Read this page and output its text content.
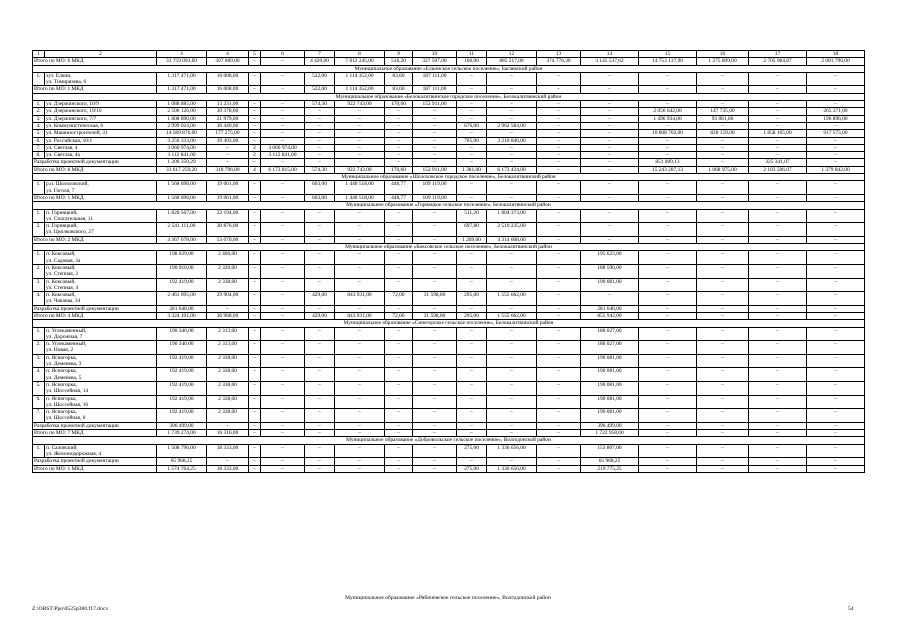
1	2	3	4	5	6	7	8	9	10	11	12	13	14	15	16	17	18
Итого по МО: 6 МКД		33 759 093,69	397 089,00	–	–	4 420,00	7 812 245,00	516,20	327 507,00	160,00	885 217,00	374 776,30	3 145 537,62	14 753 137,90	1 275 809,00	2 705 984,87	2 081 790,00
Муниципальное образование «Елкинское сельское поселение», Багаевский район																	
1.	хут. Елкин,
ул. Тимирязева, 6	1 317 471,00	16 008,00	–	–	522,00	1 114 352,00	83,60	187 111,00	–	–	–	–	–	–	–	–
Итого по МО: 1 МКД		1 317 471,00	16 008,00	–	–	522,00	1 114 352,00	83,60	187 111,00	–	–	–	–	–	–	–	–
Муниципальное образование «Белокалитвинское городское поселение», Белокалитвинский район																	
1.	ул. Дзержинского, 10/9	1 088 885,00	13 231,00	–	–	574,30	922 743,00	170,60	152 911,00	–	–	–	–	–	–	–	–
2.	ул. Дзержинского, 19/10	2 500 126,00	30 378,00	–	–	–	–	–	–	–	–	–	–	2 056 642,00	147 735,00	–	265 371,00
3.	ул. Дзержинского, 7/7	1 808 890,00	21 979,00	–	–	–	–	–	–	–	–	–	–	1 496 934,00	93 081,00	–	196 896,00
4.	ул. Коммунистическая, 6	2 999 024,00	36 440,00	–	–	–	–	–	–	676,00	2 962 584,00	–	–	–	–	–	–
5.	ул. Машиностроителей, 31	14 589 876,00	177 275,00	–	–	–	–	–	–	–	–	–	–	10 808 702,00	828 159,00	1 858 165,00	917 575,00
6.	ул. Российская, 10/1	3 250 333,00	39 493,00	–	–	–	–	–	–	705,00	3 210 840,00	–	–	–	–	–	–
7.	ул. Светлая, 4	3 060 974,00	–	2	3 060 974,00	–	–	–	–	–	–	–	–	–	–	–	–
8.	ул. Светлая, 4а	3 112 841,00	–	2	3 112 841,00	–	–	–	–	–	–	–	–	–	–	–	–
Разработка проектной документации		1 206 350,29	–	–	–	–	–	–	–	–	–	–	–	851 009,13	–	325 341,07	–
Итого по МО: 8 МКД		33 617 259,20	318 796,00	4	6 173 815,00	574,30	922 743,00	170,60	152 911,00	1 381,00	6 173 424,00	–	–	15 243 287,13	1 068 975,00	2 183 506,07	1 379 842,00
Муниципальное образование «Шолоховское городское поселение», Белокалитвинский район																	
1.	р.п. Шолоховский,
ул. Гоголя, 7	1 568 698,00	19 061,00	–	–	603,00	1 440 518,00	448,77	109 119,00	–	–	–	–	–	–	–	–
Итого по МО: 1 МКД		1 568 698,00	19 061,00	–	–	603,00	1 440 518,00	448,77	109 119,00	–	–	–	–	–	–	–	–
Муниципальное образование «Горняцкое сельское поселение», Белокалитвинский район																	
1.	п. Горняцкий,
ул. Спасательная, 11	1 826 567,00	22 194,00	–	–	–	–	–	–	511,20	1 804 373,00	–	–	–	–	–	–
2.	п. Горняцкий,
ул. Циолковского, 27	2 541 111,00	30 876,00	–	–	–	–	–	–	697,80	2 510 235,00	–	–	–	–	–	–
Итого по МО: 2 МКД		4 367 678,00	53 070,00	–	–	–	–	–	–	1 209,00	4 314 608,00	–	–	–	–	–	–
Муниципальное образование «Коксовское сельское поселение», Белокалитвинский район																	
1.	п. Коксовый,
ул. Садовая, 3а	198 029,00	2 406,00	–	–	–	–	–	–	–	–	–	195 623,00	–	–	–	–
2.	п. Коксовый,
ул. Степная, 2	190 910,00	2 320,00	–	–	–	–	–	–	–	–	–	188 590,00	–	–	–	–
3.	п. Коксовый,
ул. Степная, 4	192 419,00	2 338,00	–	–	–	–	–	–	–	–	–	190 081,00	–	–	–	–
4.	п. Коксовый,
ул. Чапаева, 34	2 461 095,00	29 904,00	–	–	429,00	843 931,00	72,00	31 598,00	295,00	1 555 662,00	–	–	–	–	–	–
Разработка проектной документации		281 648,00	–	–	–	–	–	–	–	–	–	–	281 648,00	–	–	–	–
Итого по МО: 4 МКД		3 324 101,00	36 968,00	–	–	429,00	843 931,00	72,00	31 598,00	295,00	1 555 662,00	–	855 942,00	–	–	–	–
Муниципальное образование «Синегорское сельское поселение», Белокалитвинский район																	
1.	п. Углекаменный,
ул. Дорожная, 7	190 340,00	2 313,00	–	–	–	–	–	–	–	–	–	188 027,00	–	–	–	–
2.	п. Углекаменный,
ул. Новая, 2	190 340,00	2 313,00	–	–	–	–	–	–	–	–	–	188 027,00	–	–	–	–
3.	п. Ясногорка,
ул. Деменева, 3	192 419,00	2 338,00	–	–	–	–	–	–	–	–	–	190 081,00	–	–	–	–
4.	п. Ясногорка,
ул. Деменева, 5	192 419,00	2 338,00	–	–	–	–	–	–	–	–	–	190 081,00	–	–	–	–
5.	п. Ясногорка,
ул. Шоссейная, 14	192 419,00	2 338,00	–	–	–	–	–	–	–	–	–	190 081,00	–	–	–	–
6.	п. Ясногорка,
ул. Шоссейная, 16	192 419,00	2 338,00	–	–	–	–	–	–	–	–	–	190 081,00	–	–	–	–
7.	п. Ясногорка,
ул. Шоссейная, 8	192 419,00	2 338,00	–	–	–	–	–	–	–	–	–	190 081,00	–	–	–	–
Разработка проектной документации		396 499,00	–	–	–	–	–	–	–	–	–	–	396 499,00	–	–	–	–
Итого по МО: 7 МКД		1 739 274,00	16 316,00	–	–	–	–	–	–	–	–	–	1 722 958,00	–	–	–	–
Муниципальное образование «Добровольское сельское поселение», Волгодонской район																	
1.	п. Саловский,
ул. Железнодорожная, 4	1 508 796,00	18 333,00	–	–	–	–	–	–	275,00	1 336 656,00	–	153 807,00	–	–	–	–
Разработка проектной документации		65 968,25	–	–	–	–	–	–	–	–	–	–	65 968,25	–	–	–	–
Итого по МО: 1 МКД		1 574 764,25	18 333,00	–	–	–	–	–	–	275,00	1 336 656,00	–	219 775,25	–	–	–	–
Муниципальное образование «Рябичевское сельское поселение», Волгодонской район
Z:\ORST\Ppo\0525p380.f17.docx	54
